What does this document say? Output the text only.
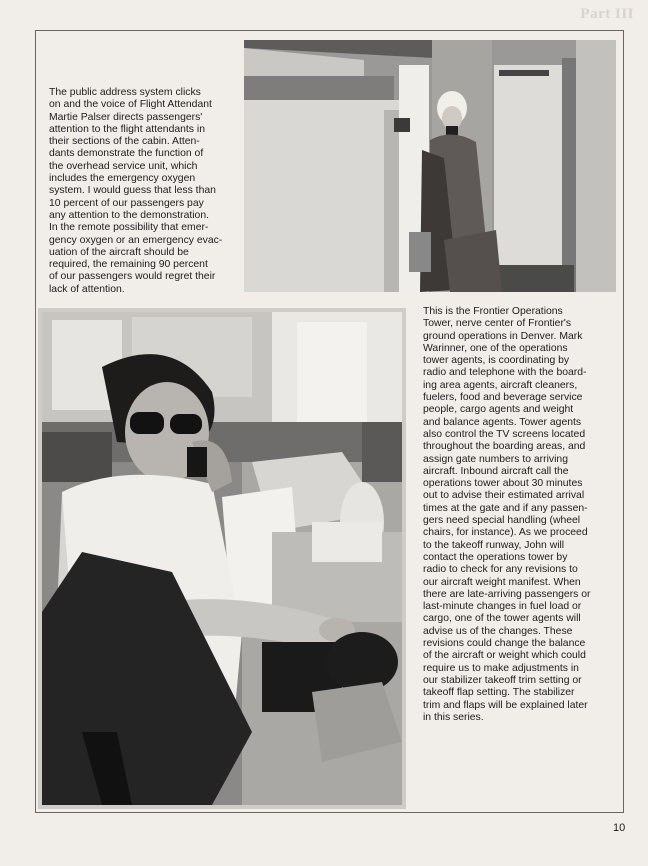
Part III

The public address system clicks

on and the voice of Flight Attendant

Martie Palser directs passengers'

attention to the flight attendants in

their sections of the cabin. Atten-

dants demonstrate the function of

the overhead service unit, which

includes the emergency oxygen

system. I would guess that less than

10 percent of our passengers pay

any attention to the demonstration.

In the remote possibility that emer-

gency oxygen or an emergency evac-

uation of the aircraft should be

required, the remaining 90 percent

of our passengers would regret their

lack of attention.

This is the Frontier Operations

Tower, nerve center of Frontier's

ground operations in Denver. Mark

Warinner, one of the operations

tower agents, is coordinating by

radio and telephone with the board-

ing area agents, aircraft cleaners,

fuelers, food and beverage service

people, cargo agents and weight

and balance agents. Tower agents

also control the TV screens located

throughout the boarding areas, and

assign gate numbers to arriving

aircraft. Inbound aircraft call the

operations tower about 30 minutes

out to advise their estimated arrival

times at the gate and if any passen-

gers need special handling (wheel

chairs, for instance). As we proceed

to the takeoff runway, John will

contact the operations tower by

radio to check for any revisions to

our aircraft weight manifest. When

there are late-arriving passengers or

last-minute changes in fuel load or

cargo, one of the tower agents will

advise us of the changes. These

revisions could change the balance

of the aircraft or weight which could

require us to make adjustments in

our stabilizer takeoff trim setting or

takeoff flap setting. The stabilizer

trim and flaps will be explained later

in this series.

10
